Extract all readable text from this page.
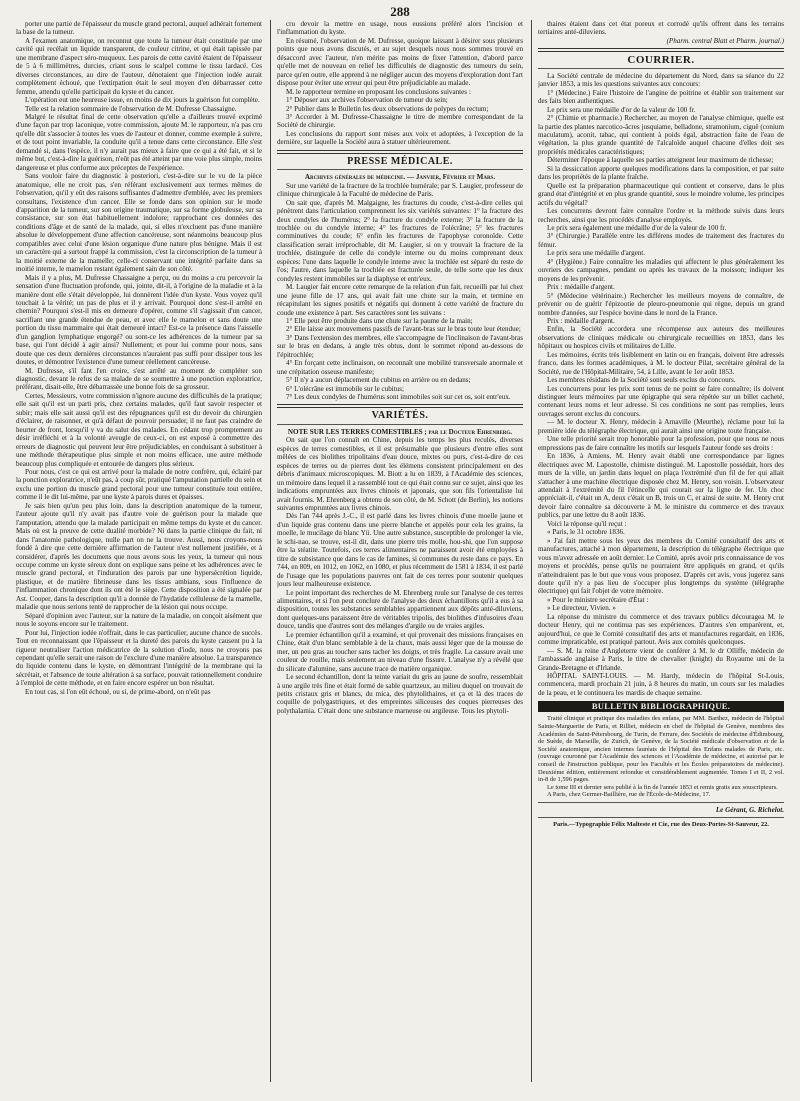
288

porter une partie de l'épaisseur du muscle grand pectoral, auquel adhérait fortement la base de la tumeur.

A l'examen anatomique, on reconnut que toute la tumeur était constituée par une cavité qui recélait un liquide transparent, de couleur citrine, et qui était tapissée par une membrane d'aspect séro-muqueux. Les parois de cette cavité étaient de l'épaisseur de 5 à 6 millimètres, durcies, criant sous le scalpel comme le tissu lardacé. Ces diverses circonstances, au dire de l'auteur, dénotaient que l'injection iodée aurait complètement échoué, que l'extirpation était le seul moyen d'en débarrasser cette femme, attendu qu'elle participait du kyste et du cancer.

L'opération eut une heureuse issue, en moins de dix jours la guérison fut complète.

Telle est la relation sommaire de l'observation de M. Dufresse Chassaigne.

Malgré le résultat final de cette observation qu'elle a d'ailleurs trouvé exprimé d'une façon par trop laconique, votre commission, ajoute M. le rapporteur, n'a pas cru qu'elle dût s'associer à toutes les vues de l'auteur et donner, comme exemple à suivre, et de tout point invariable, la conduite qu'il a tenue dans cette circonstance. Elle s'est demandé si, dans l'espèce, il n'y aurait pas mieux à faire que ce qui a été fait, et si le même but, c'est-à-dire la guérison, n'eût pas été atteint par une voie plus simple, moins dangereuse et plus conforme aux préceptes de l'expérience.

Sans vouloir faire du diagnostic à posteriori, c'est-à-dire sur le vu de la pièce anatomique, elle ne croit pas, s'en référant exclusivement aux termes mêmes de l'observation, qu'il y eût des raisons suffisantes d'admettre d'emblée, avec les premiers consultans, l'existence d'un cancer. Elle se fonde dans son opinion sur le mode d'apparition de la tumeur, sur son origine traumatique, sur sa forme globuleuse, sur sa consistance, sur son état habituellement indolore; rapprochant ces données des conditions d'âge et de santé de la malade, qui, si elles n'excluent pas d'une manière absolue le développement d'une affection cancéreuse, sont néanmoins beaucoup plus compatibles avec celui d'une lésion organique d'une nature plus bénigne. Mais il est un caractère qui a surtout frappé la commission, c'est la circonscription de la tumeur à la moitié externe de la mamelle; celle-ci conservant une intégrité parfaite dans sa moitié interne, le mamelon restant également sain de son côté.

Mais il y a plus, M. Dufresse Chassaigne a perçu, ou du moins a cru percevoir la sensation d'une fluctuation profonde, qui, jointe, dit-il, à l'origine de la maladie et à la manière dont elle s'était développée, lui donnèrent l'idée d'un kyste. Vous voyez qu'il touchait à la vérité; un pas de plus et il y arrivait. Pourquoi donc s'est-il arrêté en chemin? Pourquoi s'est-il mis en demeure d'opérer, comme s'il s'agissait d'un cancer, sacrifiant une grande étendue de peau, et avec elle le mamelon et sans doute une portion du tissu mammaire qui était demeuré intact? Est-ce la présence dans l'aisselle d'un ganglion lymphatique engorgé? ou sont-ce les adhérences de la tumeur par sa base, qui l'ont décidé à agir ainsi? Nullement; et pour lui comme pour nous, sans doute que ces deux dernières circonstances n'auraient pas suffi pour dissiper tous les doutes, et démontrer l'existence d'une tumeur réellement cancéreuse.

M. Dufresse, s'il fant l'en croire, s'est arrêté au moment de compléter son diagnostic, devant le refus de sa malade de se soumettre à une ponction exploratrice, préférant, disait-elle, être débarrassée une bonne fois de sa grosseur.

Certes, Messieurs, votre commission n'ignore aucune des difficultés de la pratique; elle sait qu'il est un parti pris, chez certains malades, qu'il faut savoir respecter et subir; mais elle sait aussi qu'il est des répugnances qu'il est du devoir du chirurgien d'éclairer, de raisonner, et qu'à défaut de pouvoir persuader, il ne faut pas craindre de heurter de front, lorsqu'il y va du salut des malades. En cédant trop promptement au désir irréfléchi et à la volonté aveugle de ceux-ci, on est exposé à commettre des erreurs de diagnostic qui peuvent leur être préjudiciables, en conduisant à substituer à une méthode thérapeutique plus simple et non moins efficace, une autre méthode beaucoup plus compliquée et entourée de dangers plus sérieux.

Pour nous, c'est ce qui est arrivé pour la malade de notre confrère, qui, éclairé par la ponction exploratrice, n'eût pas, à coup sûr, pratiqué l'amputation partielle du sein et exclu une portion du muscle grand pectoral pour une tumeur constituée tout entière, comme il le dit lui-même, par une kyste à parois dures et épaisses.

Je sais bien qu'un peu plus loin, dans la description anatomique de la tumeur, l'auteur ajoute qu'il n'y avait pas d'autre voie de guérison pour la malade que l'amputation, attendu que la malade participait en même temps du kyste et du cancer. Mais où est la preuve de cette dualité morbide? Ni dans la partie clinique du fait, ni dans l'anatomie pathologique, nulle part on ne la trouve. Aussi, nous croyons-nous fondé à dire que cette dernière affirmation de l'auteur n'est nullement justifiée, et à considérer, d'après les documens que nous avons sous les yeux, la tumeur qui nous occupe comme un kyste séreux dont on explique sans peine et les adhérences avec le muscle grand pectoral, et l'induration des parois par une hypersécrétion liquide, plastique, et de matière fibrineuse dans les tissus ambians, sous l'influence de l'inflammation chronique dont ils ont été le siège. Cette disposition a été signalée par Ast. Cooper, dans la description qu'il a donnée de l'hydatide celluleuse de la mamelle, maladie que nous serions tenté de rapprocher de la lésion qui nous occupe.

Séparé d'opinion avec l'auteur, sur la nature de la maladie, on conçoit aisément que nous le soyons encore sur le traitement.

Pour lui, l'injection iodée n'offrait, dans le cas particulier, aucune chance de succès. Tout en reconnaissant que l'épaisseur et la dureté des parois du kyste causent pu à la rigueur neutraliser l'action médicatrice de la solution d'iode, nous ne croyons pas cependant qu'elle serait une raison de l'exclure d'une manière absolue. La transparence du liquide contenu dans le kyste, en démontrant l'intégrité de la membrane qui la sécrétait, et l'absence de toute altération à sa surface, pouvait rationnellement conduire à l'emploi de cette méthode, et en faire encore espérer un bon résultat.

En tout cas, si l'on eût échoué, ou si, de prime-abord, on n'eût pas

cru devoir la mettre en usage, nous eussions préféré alors l'incision et l'inflammation du kyste.

En résumé, l'observation de M. Dufresse, quoique laissant à désirer sous plusieurs points que nous avons discutés, et au sujet desquels nous nous sommes trouvé en désaccord avec l'auteur, n'en mérite pas moins de fixer l'attention, d'abord parce qu'elle met de nouveau en relief les difficultés de diagnostic des tumeurs du sein, parce qu'en outre, elle apprend à ne négliger aucun des moyens d'exploration dont l'art dispose pour éviter une erreur qui peut être préjudiciable au malade.

M. le rapporteur termine en proposant les conclusions suivantes :

1° Déposer aux archives l'observation de tumeur du sein;

2° Publier dans le Bulletin les deux observations de polypes du rectum;

3° Accorder à M. Dufresse-Chassaigne le titre de membre correspondant de la Société de chirurgie.

Les conclusions du rapport sont mises aux voix et adoptées, à l'exception de la dernière, sur laquelle la Société aura à statuer ultérieurement.

PRESSE MÉDICALE.

Archives générales de médecine. — Janvier, Février et Mars.

Sur une variété de la fracture de la trochlée humérale; par S. Laugier, professeur de clinique chirurgicale à la Faculté de médecine de Paris.

On sait que, d'après M. Malgaigne, les fractures du coude, c'est-à-dire celles qui pénètrent dans l'articulation comprennent les six variétés suivantes: 1° la fracture des deux condyles de l'humérus; 2° la fracture du condyle externe; 3° la fracture de la trochlée ou du condyle interne; 4° les fractures de l'olécrâne; 5° les fractures comminutives du coude; 6° enfin les fractures de l'apophyse coronoïde. Cette classification serait irréprochable, dit M. Laugier, si on y trouvait la fracture de la trochlée, distinguée de celle du condyle interne ou du moins comprenant deux espèces: l'une dans laquelle le condyle interne avec la trochlée est séparé du reste de l'os; l'autre, dans laquelle la trochlée est fracturée seule, de telle sorte que les deux condyles restent immobiles sur la diaphyse et entr'eux.

M. Laugier fait encore cette remarque de la relation d'un fait, recueilli par lui chez une jeune fille de 17 ans, qui avait fait une chute sur la main, et termine en récapitulant les signes positifs et négatifs qui donnent à cette variété de fracture du coude une existence à part. Ses caractères sont les suivans :

1° Elle peut être produite dans une chute sur la paume de la main;

2° Elle laisse aux mouvemens passifs de l'avant-bras sur le bras toute leur étendue;

3° Dans l'extension des membres, elle s'accompagne de l'inclinaison de l'avant-bras sur le bras en dedans, à angle très obtus, dont le sommet répond au-dessous de l'épitrochlée;

4° En forçant cette inclinaison, on reconnaît une mobilité transversale anormale et une crépitation osseuse manifeste;

5° Il n'y a aucun déplacement du cubitus en arrière ou en dedans;

6° L'olécrâne est immobile sur le cubitus;

7° Les deux condyles de l'humérus sont immobiles soit sur cet os, soit entr'eux.

VARIÉTÉS.

NOTE SUR LES TERRES COMESTIBLES ; par le Docteur Ehrenberg.

On sait que l'on connaît en Chine, depuis les temps les plus reculés, diverses espèces de terres comestibles, et il est présumable que plusieurs d'entre elles sont mêlées de ces biolithes tripolitains d'eau douce, mixtes ou purs, c'est-à-dire de ces espèces de terres ou de pierres dont les élémens consistent principalement en des débris d'animaux microscopiques. M. Biott a lu en 1839, à l'Académie des sciences, un mémoire dans lequel il a rassemblé tout ce qui était connu sur ce sujet, ainsi que les indications empruntées aux livres chinois et japonais, que son fils l'orientaliste lui avait fournis. M. Ehrenberg a obtenu de son côté, de M. Schott (de Berlin), les notions suivantes empruntées aux livres chinois.

Dès l'an 744 après J.-C., il est parlé dans les livres chinois d'une moelle jaune et d'un liquide gras contenu dans une pierre blanche et appelés pour cela les grains, la moelle, le mucilage du blanc Yü. Une autre substance, susceptible de prolonger la vie, le schi-nao, se trouve, est-il dit, dans une pierre très molle, hou-shi, que l'on suppose être la stéatite. Toutefois, ces terres alimentaires ne paraissent avoir été employées à titre de subsistance que dans le cas de famines, si communes du reste dans ce pays. En 744, en 809, en 1012, en 1062, en 1080, et plus récemment de 1581 à 1834, il est parlé de l'usage que les populations pauvres ont fait de ces terres pour soutenir quelques jours leur malheureuse existence.

Le point important des recherches de M. Ehrenberg roule sur l'analyse de ces terres alimentaires, et si l'on peut conclure de l'analyse des deux échantillons qu'il a eus à sa disposition, toutes les substances semblables appartiennent aux dépôts anté-diluviens, dont quelques-uns paraissent être de véritables tripolis, des biolithes d'infusoires d'eau douce, tandis que d'autres sont des mélanges d'argile ou de vraies argiles.

Le premier échantillon qu'il a examiné, et qui provenait des missions françaises en Chine, était d'un blanc semblable à de la chaux, mais aussi léger que de la mousse de mer, un peu gras au toucher sans tacher les doigts, et très fragile. La cassure avait une couleur de rouille, mais seulement au niveau d'une fissure. L'analyse n'y a révélé que du silicate d'alumine, sans aucune trace de matière organique.

Le second échantillon, dont la teinte variait du gris au jaune de soufre, ressemblait à une argile très fine et était formé de sable quartzeux, au milieu duquel on trouvait de petits cristaux gris et blancs, du mica, des phytolithaires, et ça et là des traces de coquille de polygastriques, et des empreintes siliceuses des coques pierreuses des polythalamia. C'était donc une substance marneuse ou argileuse. Tous les phytoli-

thaires étaient dans cet état poreux et corrodé qu'ils offrent dans les terrains tertiaires anté-diluviens.

(Pharm. central Blatt et Pharm. journal.)

COURRIER.

La Société centrale de médecine du département du Nord, dans sa séance du 22 janvier 1853, a mis les questions suivantes aux concours:

1° (Médecine.) Faire l'histoire de l'angine de poitrine et établir son traitement sur des faits bien authentiques.

Le prix sera une médaille d'or de la valeur de 100 fr.

2° (Chimie et pharmacie.) Rechercher, au moyen de l'analyse chimique, quelle est la partie des plantes narcotico-âcres jusquiame, belladone, stramonium, ciguë (conium maculatum), aconit, tabac, qui contient à poids égal, abstraction faite de l'eau de végétation, la plus grande quantité de l'alcaloïde auquel chacune d'elles doit ses propriétés médicales caractéristiques;

Déterminer l'époque à laquelle ses parties atteignent leur maximum de richesse;

Si la dessiccation apporte quelques modifications dans la composition, et par suite dans les propriétés de la plante fraîche.

Quelle est la préparation pharmaceutique qui contient et conserve, dans le plus grand état d'intégrité et en plus grande quantité, sous le moindre volume, les principes actifs du végétal?

Les concurrens devront faire connaître l'ordre et la méthode suivis dans leurs recherches, ainsi que les procédés d'analyse employés.

Le prix sera également une médaille d'or de la valeur de 100 fr.

3° (Chirurgie.) Parallèle entre les différens modes de traitement des fractures du fémur.

Le prix sera une médaille d'argent.

4° (Hygiène.) Faire connaître les maladies qui affectent le plus généralement les ouvriers des campagnes, pendant ou après les travaux de la moisson; indiquer les moyens de les prévenir.

Prix : médaille d'argent.

5° (Médecine vétérinaire.) Rechercher les meilleurs moyens de connaître, de prévenir ou de guérir l'épizootie de pleuro-pneumonie qui règne, depuis un grand nombre d'années, sur l'espèce bovine dans le nord de la France.

Prix : médaille d'argent.

Enfin, la Société accordera une récompense aux auteurs des meilleures observations de cliniques médicale ou chirurgicale recueillies en 1853, dans les hôpitaux ou hospices civils et militaires de Lille.

Les mémoires, écrits très lisiblement en latin ou en français, doivent être adressés franco, dans les formes académiques, à M. le docteur Pilat, secrétaire général de la Société, rue de l'Hôpital-Militaire, 54, à Lille, avant le 1er août 1853.

Les membres résidans de la Société sont seuls exclus du concours.

Les concurrens pour les prix sont tenus de ne point se faire connaître; ils doivent distinguer leurs mémoires par une épigraphe qui sera répétée sur un billet cacheté, contenant leurs noms et leur adresse. Si ces conditions ne sont pas remplies, leurs ouvrages seront exclus du concours.

— M. le docteur X. Henry, médecin à Arnaville (Meurthe), réclame pour lui la première idée du télégraphe électrique, qui aurait ainsi une origine toute française.

Une telle priorité serait trop honorable pour la profession, pour que nous ne nous empressions pas de faire connaître les motifs sur lesquels l'auteur fonde ses droits :

En 1836, à Amiens, M. Henry avait établi une correspondance par lignes électriques avec M. Lapostolle, chimiste distingué. M. Lapostolle possédait, hors des murs de la ville, un jardin dans lequel on plaça l'extrémité d'un fil de fer qui allait s'attacher à une machine électrique disposée chez M. Henry, son voisin. L'observateur attendait à l'extrémité du fil l'étincelle qui courait sur la ligne de fer. Un choc appréciait-il, c'était un A, deux c'était un B, trois un C, et ainsi de suite. M. Henry crut devoir faire connaître sa découverte à M. le ministre du commerce et des travaux publics, par une lettre du 8 août 1836.

Voici la réponse qu'il reçut :

« Paris, le 31 octobre 1836.

» J'ai fait mettre sous les yeux des membres du Comité consultatif des arts et manufactures, attaché à mon département, la description du télégraphe électrique que vous m'avez adressée en août dernier. Le Comité, après avoir pris connaissance de vos moyens et procédés, pense qu'ils ne pourraient être appliqués en grand, et qu'ils n'atteindraient pas le but que vous vous proposez. D'après cet avis, vous jugerez sans doute qu'il n'y a pas lieu de s'occuper plus longtemps du système (télégraphe électrique) qui fait l'objet de votre mémoire.

« Pour le ministre secrétaire d'État :

» Le directeur, Vivien. »

La réponse du ministre du commerce et des travaux publics découragea M. le docteur Henry, qui ne continua pas ses expériences. D'autres s'en emparèrent, et, aujourd'hui, ce que le Comité consultatif des arts et manufactures regardait, en 1836, comme impraticable, est pratiqué partout. Avis aux comités quelconques.

— S. M. la reine d'Angleterre vient de conférer à M. le dr Olliffe, médecin de l'ambassade anglaise à Paris, le titre de chevalier (knight) du Royaume uni de la Grande-Bretagne et d'Irlande.

HÔPITAL SAINT-LOUIS. — M. Hardy, médecin de l'hôpital St-Louis, commencera, mardi prochain 21 juin, à 8 heures du matin, un cours sur les maladies de la peau, et le continuera les mardis de chaque semaine.

BULLETIN BIBLIOGRAPHIQUE.

Traité clinique et pratique des maladies des enfans, par MM. Barthez, médecin de l'hôpital Sainte-Marguerite de Paris, et Rilliet, médecin en chef de l'hôpital de Genève, membres des Académies de Saint-Pétersbourg, de Turin, de Ferrare, des Sociétés de médecine d'Édimbourg, de Suède, de Marseille, de Zurich, de Genève, de la Société médicale d'observation et de la Société anatomique, ancien internes lauréats de l'hôpital des Enfans malades de Paris, etc. (ouvrage couronné par l'Académie des sciences et l'Académie de médecine, et autorisé par le conseil de l'instruction publique, pour les Facultés et les Écoles préparatoires de médecine). Deuxième édition, entièrement refondue et considérablement augmentée. Tomes I et II, 2 vol. in-8 de 1,596 pages.

Le tome III et dernier sera publié à la fin de l'année 1853 et remis gratis aux souscripteurs.

A Paris, chez Germer-Baillière, rue de l'École-de-Médecine, 17.

Le Gérant, G. Richelot.

Paris.—Typographie Félix Malteste et Cie, rue des Deux-Portes-St-Sauveur, 22.
